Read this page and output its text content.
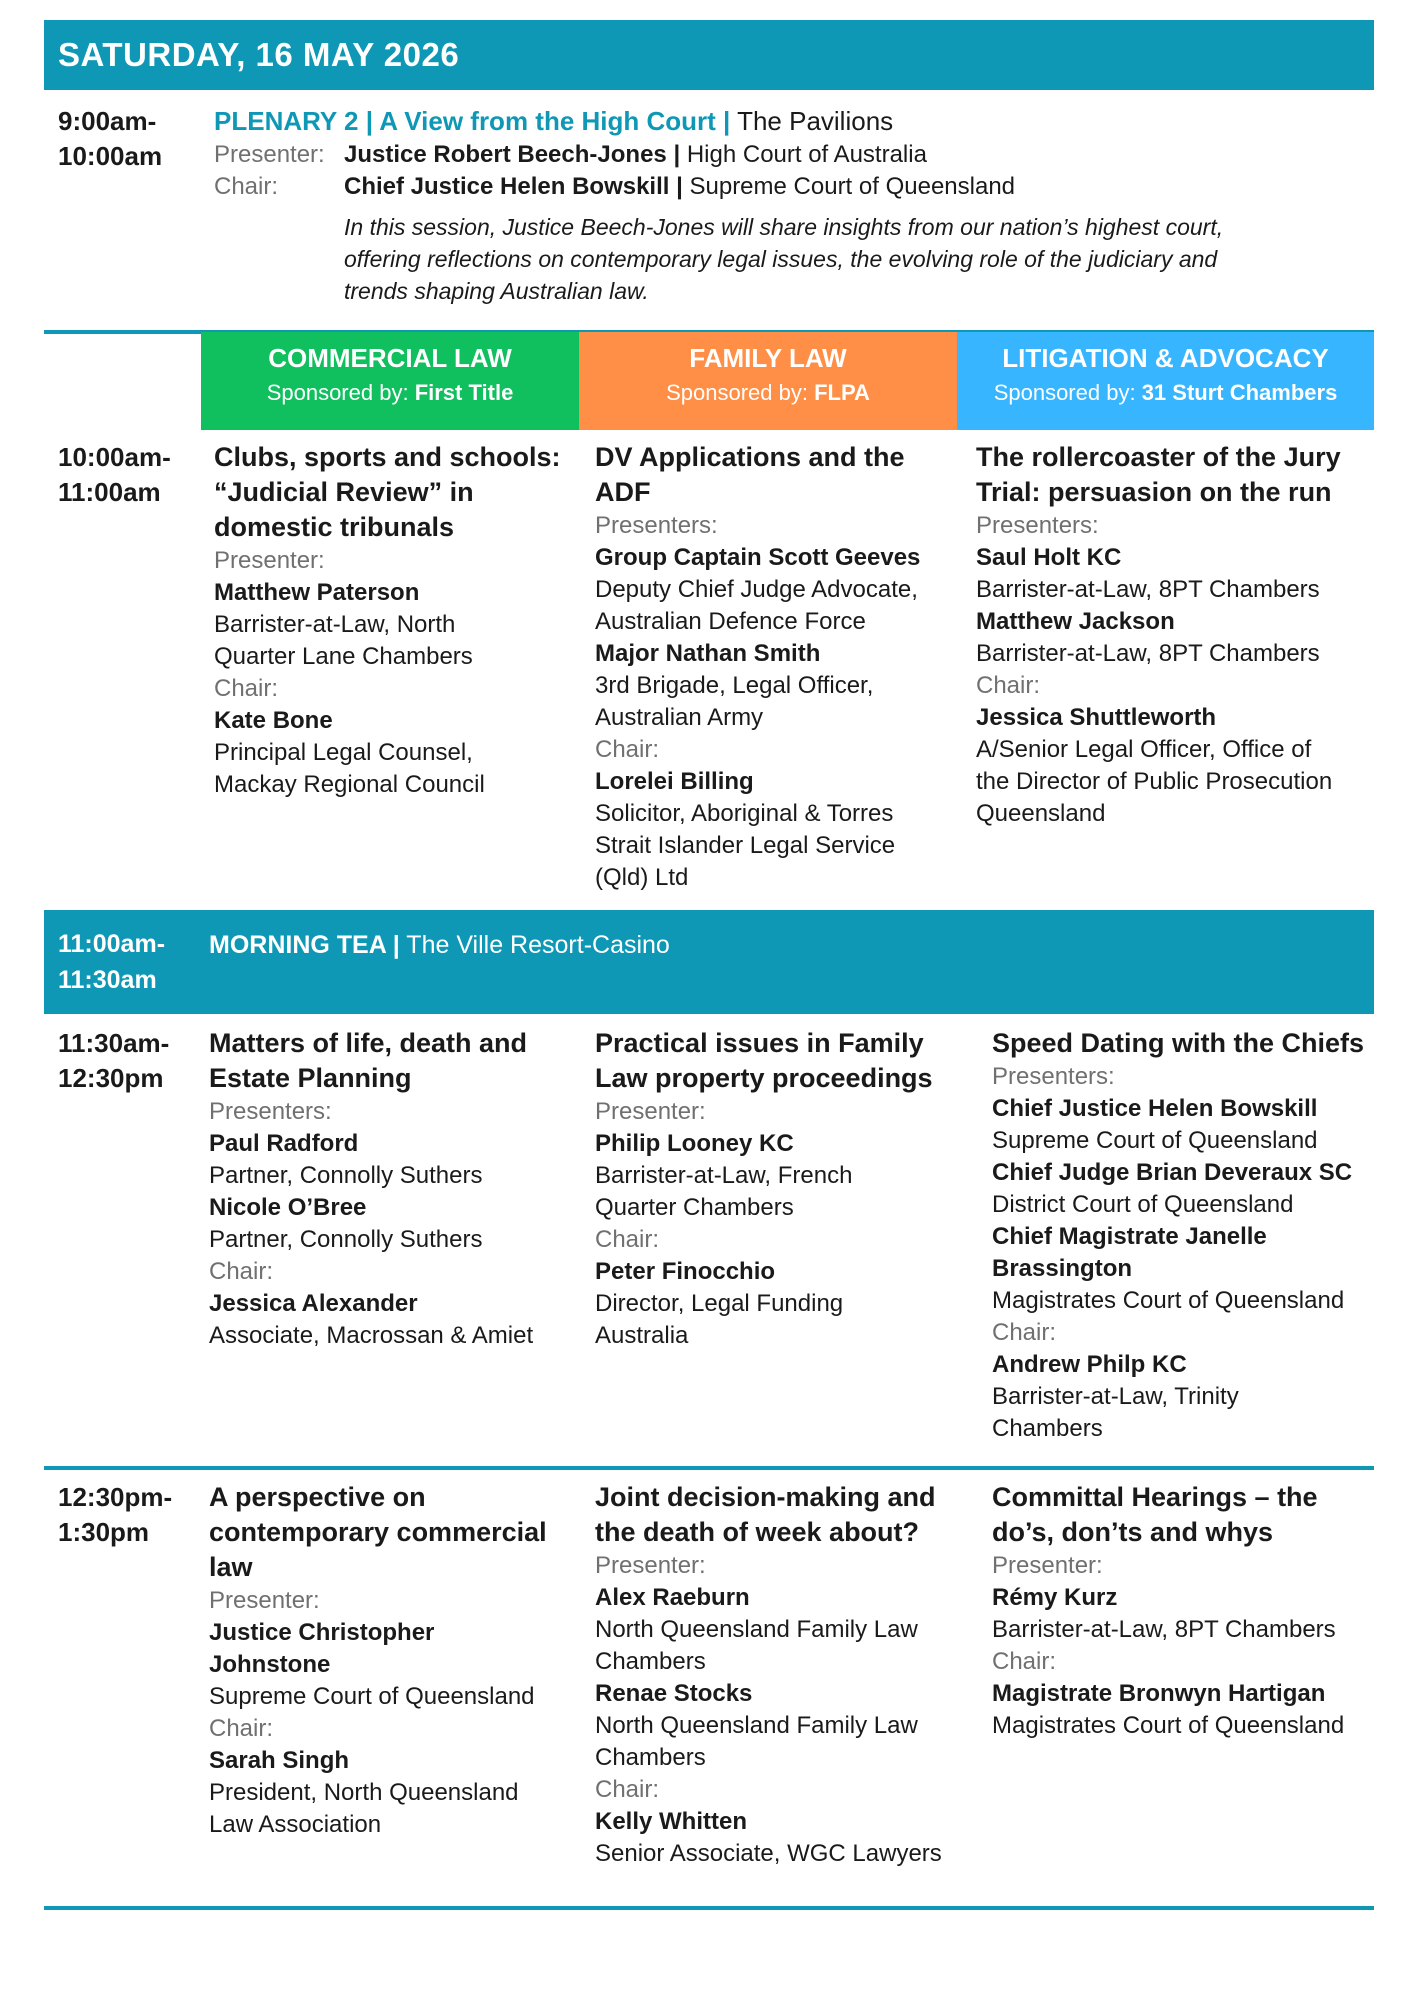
SATURDAY, 16 MAY 2026
9:00am-
10:00am
PLENARY 2 | A View from the High Court | The Pavilions
Presenter: Justice Robert Beech-Jones | High Court of Australia
Chair:	Chief Justice Helen Bowskill | Supreme Court of Queensland
In this session, Justice Beech-Jones will share insights from our nation’s highest court,
offering reflections on contemporary legal issues, the evolving role of the judiciary and
trends shaping Australian law.
COMMERCIAL LAW
Sponsored by: First Title
FAMILY LAW
Sponsored by: FLPA
LITIGATION & ADVOCACY
Sponsored by: 31 Sturt Chambers
10:00am-
11:00am
Clubs, sports and schools:
“Judicial Review” in
domestic tribunals
Presenter:
Matthew Paterson
Barrister-at-Law, North
Quarter Lane Chambers
Chair:
Kate Bone
Principal Legal Counsel,
Mackay Regional Council
DV Applications and the
ADF
Presenters:
Group Captain Scott Geeves
Deputy Chief Judge Advocate,
Australian Defence Force
Major Nathan Smith
3rd Brigade, Legal Officer,
Australian Army
Chair:
Lorelei Billing
Solicitor, Aboriginal & Torres
Strait Islander Legal Service
(Qld) Ltd
The rollercoaster of the Jury
Trial: persuasion on the run
Presenters:
Saul Holt KC
Barrister-at-Law, 8PT Chambers
Matthew Jackson
Barrister-at-Law, 8PT Chambers
Chair:
Jessica Shuttleworth
A/Senior Legal Officer, Office of
the Director of Public Prosecution
Queensland
11:00am-
11:30am
MORNING TEA | The Ville Resort-Casino
11:30am-
12:30pm
Matters of life, death and
Estate Planning
Presenters:
Paul Radford
Partner, Connolly Suthers
Nicole O’Bree
Partner, Connolly Suthers
Chair:
Jessica Alexander
Associate, Macrossan & Amiet
Practical issues in Family
Law property proceedings
Presenter:
Philip Looney KC
Barrister-at-Law, French
Quarter Chambers
Chair:
Peter Finocchio
Director, Legal Funding
Australia
Speed Dating with the Chiefs
Presenters:
Chief Justice Helen Bowskill
Supreme Court of Queensland
Chief Judge Brian Deveraux SC
District Court of Queensland
Chief Magistrate Janelle
Brassington
Magistrates Court of Queensland
Chair:
Andrew Philp KC
Barrister-at-Law, Trinity
Chambers
12:30pm-
1:30pm
A perspective on
contemporary commercial
law
Presenter:
Justice Christopher
Johnstone
Supreme Court of Queensland
Chair:
Sarah Singh
President, North Queensland
Law Association
Joint decision-making and
the death of week about?
Presenter:
Alex Raeburn
North Queensland Family Law
Chambers
Renae Stocks
North Queensland Family Law
Chambers
Chair:
Kelly Whitten
Senior Associate, WGC Lawyers
Committal Hearings – the
do’s, don’ts and whys
Presenter:
Rémy Kurz
Barrister-at-Law, 8PT Chambers
Chair:
Magistrate Bronwyn Hartigan
Magistrates Court of Queensland
